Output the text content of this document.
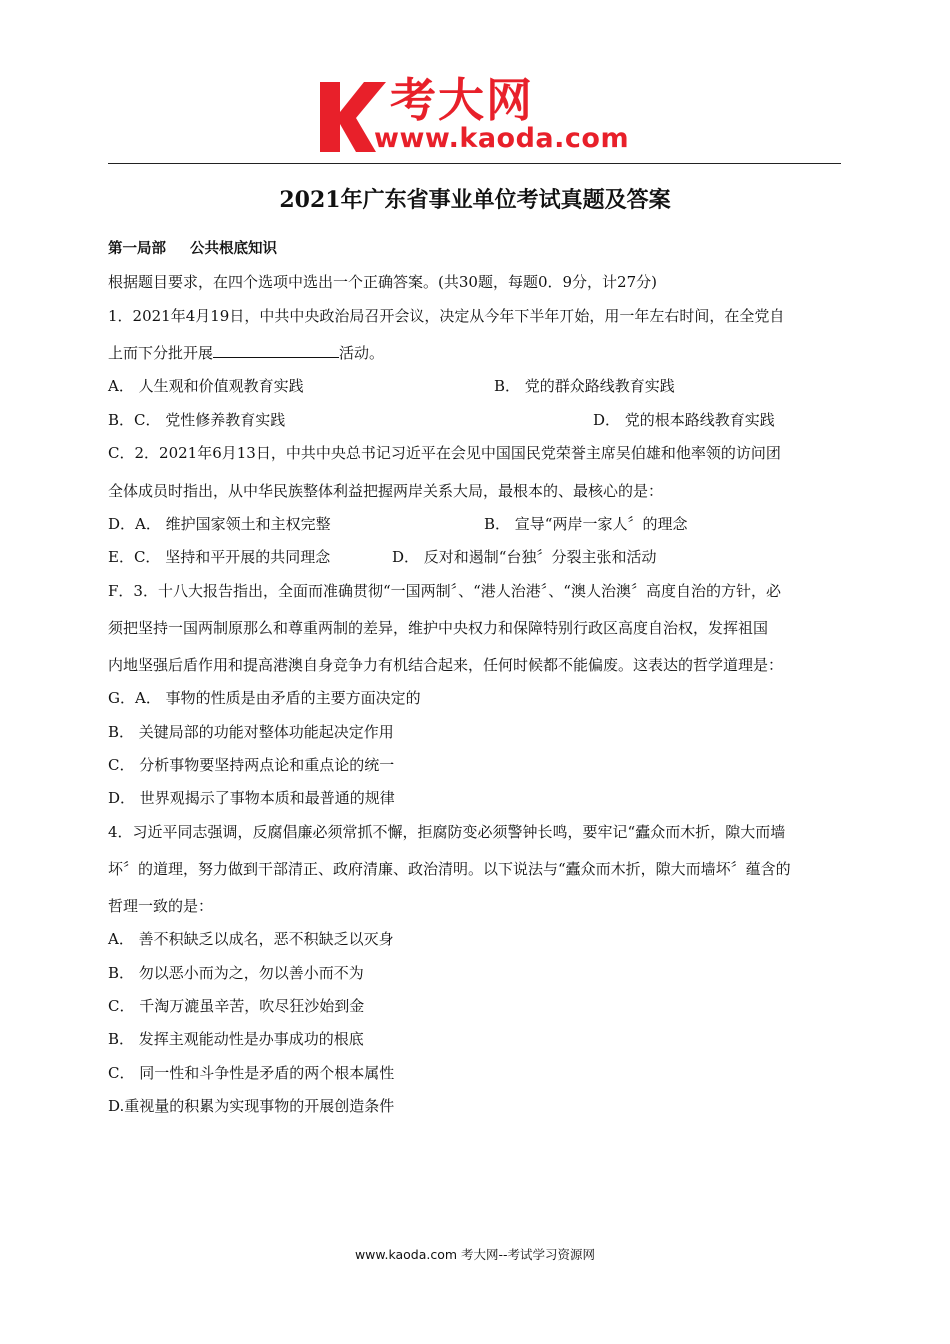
考大网
www.kaoda.com
2021年广东省事业单位考试真题及答案
第一局部 公共根底知识
根据题目要求，在四个选项中选出一个正确答案。(共30题，每题0．9分，计27分)
1．2021年4月19日，中共中央政治局召开会议，决定从今年下半年丌始，用一年左右时间，在全党自
上而下分批开展	活动。
A． 人生观和价值观教育实践	B． 党的群众路线教育实践
B．C． 党性修养教育实践	D． 党的根本路线教育实践
C．2．2021年6月13日，中共中央总书记习近平在会见中国国民党荣誉主席吴伯雄和他率领的访问团
全体成员时指出，从中华民族整体利益把握两岸关系大局，最根本的、最核心的是：
D．A． 维护国家领土和主权完整	B． 宣导“两岸一家人〞的理念
E．C． 坚持和平开展的共同理念	D． 反对和遏制“台独〞分裂主张和活动
F．3．十八大报告指出，全面而准确贯彻“一国两制〞、“港人治港〞、“澳人治澳〞高度自治的方针，必
须把坚持一国两制原那么和尊重两制的差异，维护中央权力和保障特别行政区高度自治权，发挥祖国
内地坚强后盾作用和提高港澳自身竞争力有机结合起来，任何时候都不能偏废。这表达的哲学道理是：
G．A． 事物的性质是由矛盾的主要方面决定的
B． 关键局部的功能对整体功能起决定作用
C． 分析事物要坚持两点论和重点论的统一
D． 世界观揭示了事物本质和最普通的规律
4．习近平同志强调，反腐倡廉必须常抓不懈，拒腐防变必须警钟长鸣，要牢记“蠹众而木折，隙大而墙
坏〞的道理，努力做到干部清正、政府清廉、政治清明。以下说法与“蠹众而木折，隙大而墙坏〞蕴含的
哲理一致的是：
A． 善不积缺乏以成名，恶不积缺乏以灭身
B． 勿以恶小而为之，勿以善小而不为
C． 千淘万漉虽辛苦，吹尽狂沙始到金
B． 发挥主观能动性是办事成功的根底
C． 同一性和斗争性是矛盾的两个根本属性
D.重视量的积累为实现事物的开展创造条件
www.kaoda.com 考大网--考试学习资源网
